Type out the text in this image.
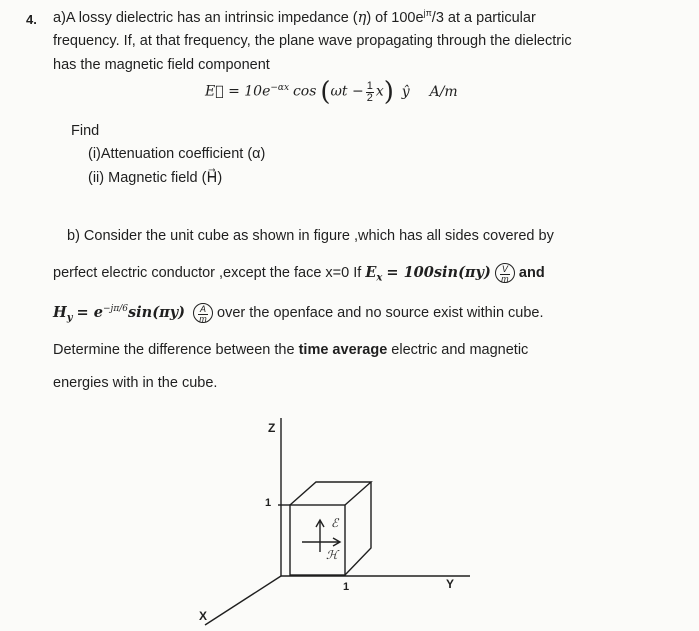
4. a)A lossy dielectric has an intrinsic impedance (η) of $100e^{j\pi}/3$ at a particular
frequency. If, at that frequency, the plane wave propagating through the dielectric
has the magnetic field component
E⃗ = $10e^{-\alpha x}$ $\cos (\omega t - \frac{1}{2} x)$ ŷ A/m
Find
(i)Attenuation coefficient (α)
(ii) Magnetic field (H⃗)
b) Consider the unit cube as shown in figure ,which has all sides covered by
perfect electric conductor ,except the face x=0 If $E_x = 100\sin(\pi y) \frac{V}{m}$ and
$H_y = e^{-j\pi/6}\sin(\pi y) \frac{A}{m}$ over the openface and no source exist within cube.
Determine the difference between the time average electric and magnetic
energies with in the cube.
Z
1
1	Y
X
ℰ
ℋ
